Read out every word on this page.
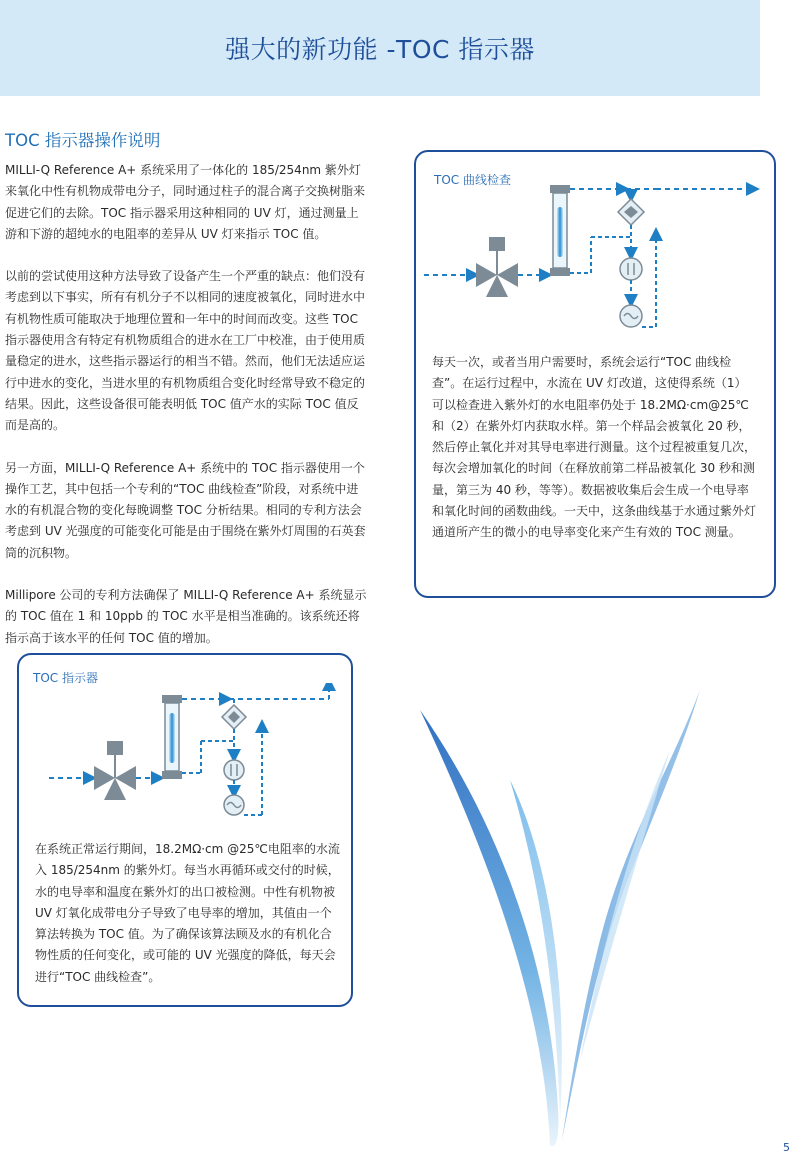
强大的新功能 -TOC 指示器
TOC 指示器操作说明

MILLI-Q Reference A+ 系统采用了一体化的 185/254nm 紫外灯来氧化中性有机物成带电分子，同时通过柱子的混合离子交换树脂来促进它们的去除。TOC 指示器采用这种相同的 UV 灯，通过测量上游和下游的超纯水的电阻率的差异从 UV 灯来指示 TOC 值。

以前的尝试使用这种方法导致了设备产生一个严重的缺点：他们没有考虑到以下事实，所有有机分子不以相同的速度被氧化，同时进水中有机物性质可能取决于地理位置和一年中的时间而改变。这些 TOC 指示器使用含有特定有机物质组合的进水在工厂中校准，由于使用质量稳定的进水，这些指示器运行的相当不错。然而，他们无法适应运行中进水的变化，当进水里的有机物质组合变化时经常导致不稳定的结果。因此，这些设备很可能表明低 TOC 值产水的实际 TOC 值反而是高的。

另一方面，MILLI-Q Reference A+ 系统中的 TOC 指示器使用一个操作工艺，其中包括一个专利的“TOC 曲线检查”阶段，对系统中进水的有机混合物的变化每晚调整 TOC 分析结果。相同的专利方法会考虑到 UV 光强度的可能变化可能是由于围绕在紫外灯周围的石英套筒的沉积物。

Millipore 公司的专利方法确保了 MILLI-Q Reference A+ 系统显示的 TOC 值在 1 和 10ppb 的 TOC 水平是相当准确的。该系统还将指示高于该水平的任何 TOC 值的增加。

TOC 曲线检查
每天一次，或者当用户需要时，系统会运行“TOC 曲线检查”。在运行过程中，水流在 UV 灯改道，这使得系统（1）可以检查进入紫外灯的水电阻率仍处于 18.2MΩ·cm@25℃和（2）在紫外灯内获取水样。第一个样品会被氧化 20 秒，然后停止氧化并对其导电率进行测量。这个过程被重复几次，每次会增加氧化的时间（在释放前第二样品被氧化 30 秒和测量，第三为 40 秒，等等）。数据被收集后会生成一个电导率和氧化时间的函数曲线。一天中，这条曲线基于水通过紫外灯通道所产生的微小的电导率变化来产生有效的 TOC 测量。
TOC 指示器
在系统正常运行期间，18.2MΩ·cm @25℃电阻率的水流入 185/254nm 的紫外灯。每当水再循环或交付的时候，水的电导率和温度在紫外灯的出口被检测。中性有机物被 UV 灯氧化成带电分子导致了电导率的增加，其值由一个算法转换为 TOC 值。为了确保该算法顾及水的有机化合物性质的任何变化，或可能的 UV 光强度的降低，每天会进行“TOC 曲线检查”。
5
